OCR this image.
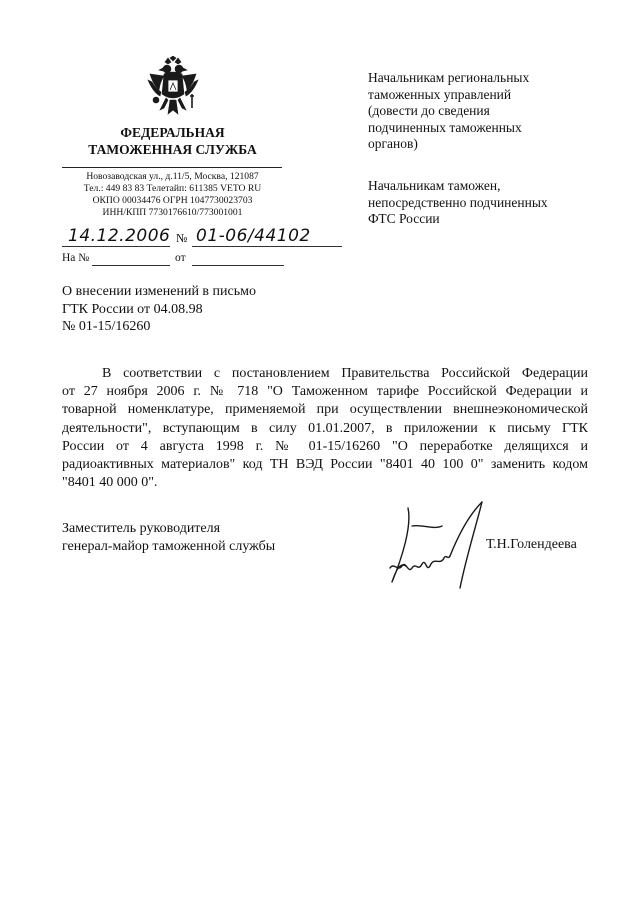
ФЕДЕРАЛЬНАЯ
ТАМОЖЕННАЯ СЛУЖБА
Новозаводская ул., д.11/5, Москва, 121087
Тел.: 449 83 83 Телетайп: 611385 VETO RU
ОКПО 00034476 ОГРН 1047730023703
ИНН/КПП 7730176610/773001001
14.12.2006 № 01-06/44102
На №	от
Начальникам региональных
таможенных управлений
(довести до сведения
подчиненных таможенных
органов)
Начальникам таможен,
непосредственно подчиненных
ФТС России
О внесении изменений в письмо
ГТК России от 04.08.98
№ 01-15/16260
В соответствии с постановлением Правительства Российской Федерации
от 27 ноября 2006 г. № 718 "О Таможенном тарифе Российской Федерации и
товарной номенклатуре, применяемой при осуществлении внешнеэкономической
деятельности", вступающим в силу 01.01.2007, в приложении к письму ГТК
России от 4 августа 1998 г. № 01-15/16260 "О переработке делящихся и
радиоактивных материалов" код ТН ВЭД России "8401 40 100 0" заменить кодом
"8401 40 000 0".
Заместитель руководителя
генерал-майор таможенной службы	Т.Н.Голендеева
